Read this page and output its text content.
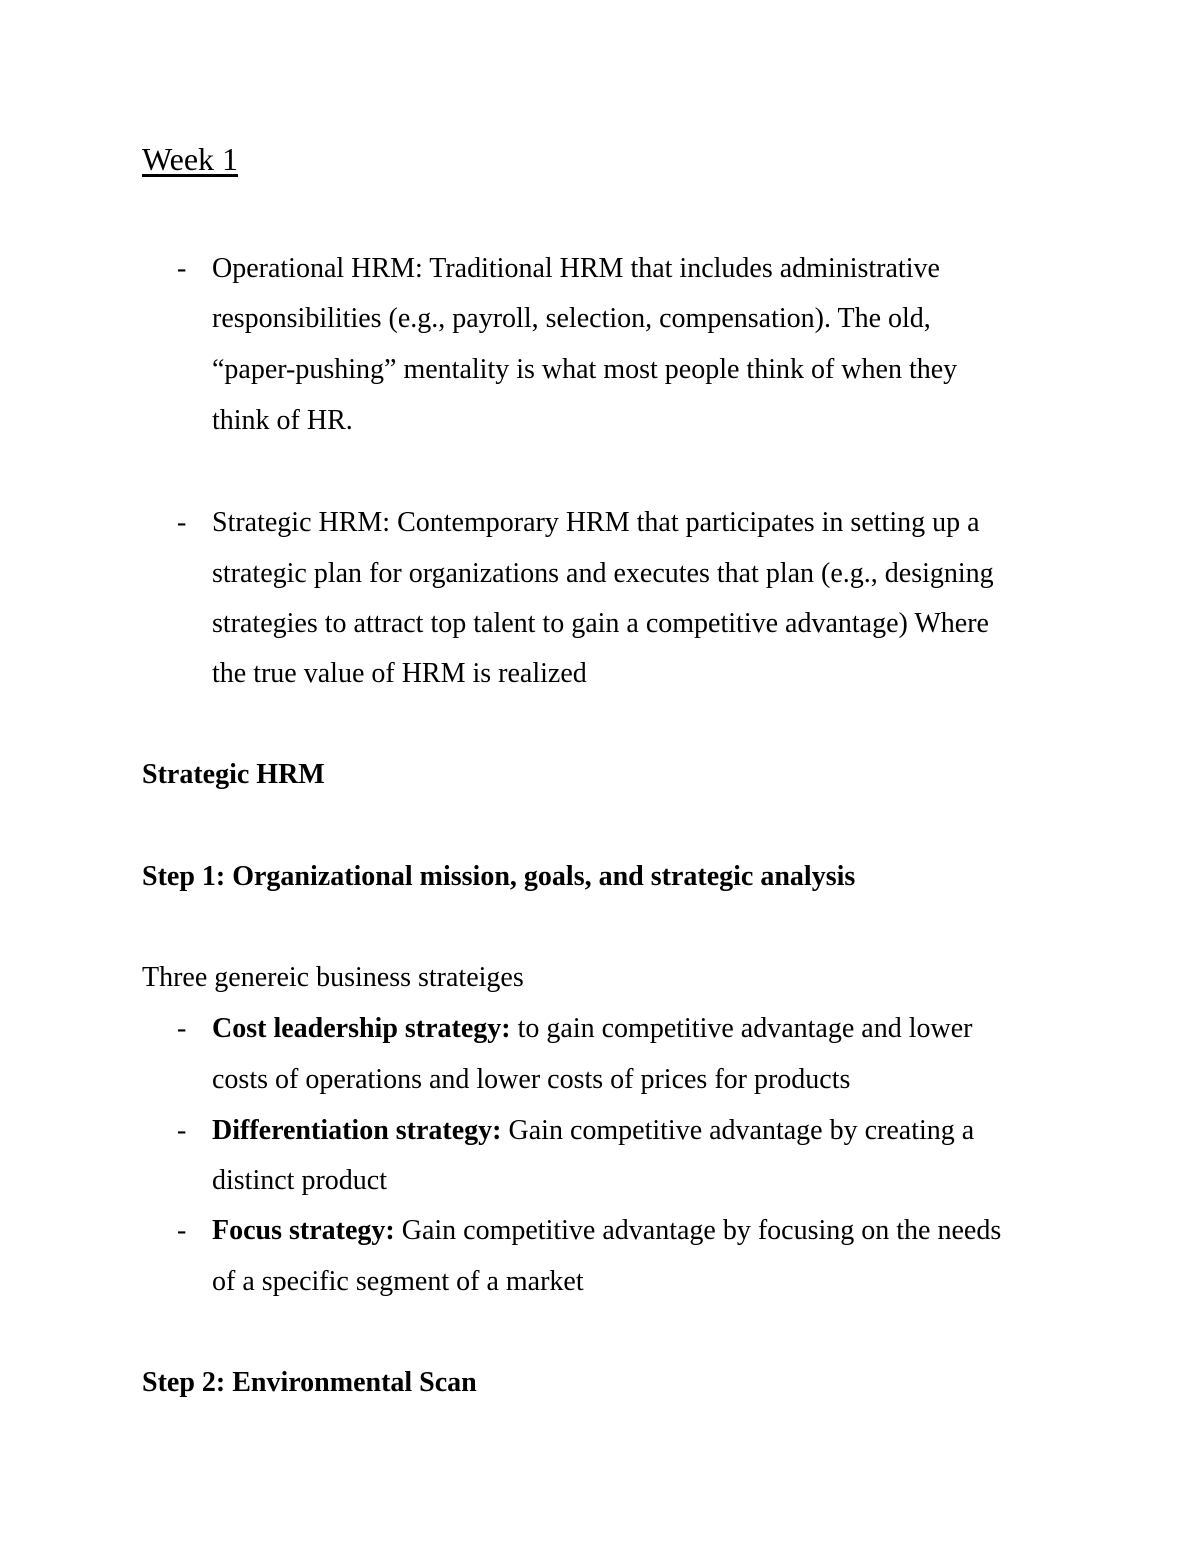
Week 1
- Operational HRM: Traditional HRM that includes administrative
responsibilities (e.g., payroll, selection, compensation). The old,
“paper-pushing” mentality is what most people think of when they
think of HR.
- Strategic HRM: Contemporary HRM that participates in setting up a
strategic plan for organizations and executes that plan (e.g., designing
strategies to attract top talent to gain a competitive advantage) Where
the true value of HRM is realized
Strategic HRM
Step 1: Organizational mission, goals, and strategic analysis
Three genereic business strateiges
- Cost leadership strategy: to gain competitive advantage and lower
costs of operations and lower costs of prices for products
- Differentiation strategy: Gain competitive advantage by creating a
distinct product
- Focus strategy: Gain competitive advantage by focusing on the needs
of a specific segment of a market
Step 2: Environmental Scan
